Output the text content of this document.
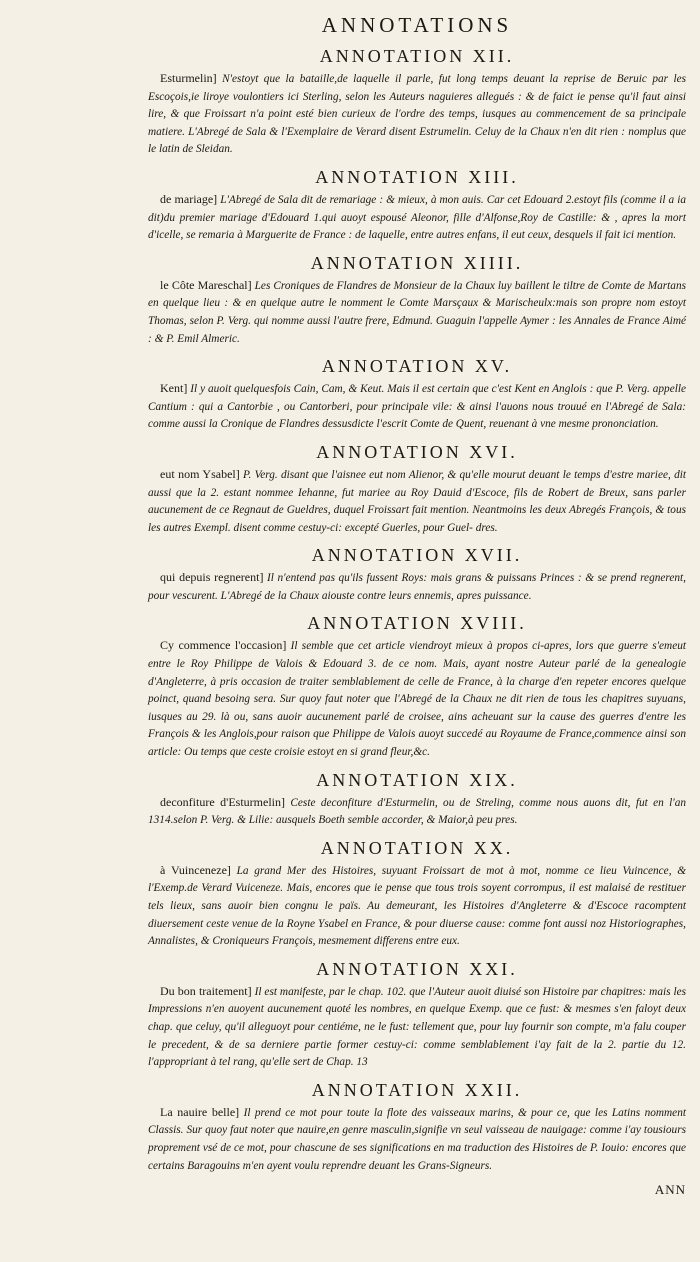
ANNOTATIONS
ANNOTATION XII.

Esturmelin] N'estoyt que la bataille,de laquelle il parle, fut long temps deuant la reprise de Beruic par les Escoçois,ie liroye voulontiers ici Sterling, selon les Auteurs naguieres allegués : & de faict ie pense qu'il faut ainsi lire, & que Froissart n'a point esté bien curieux de l'ordre des temps, iusques au commencement de sa principale matiere. L'Abregé de Sala & l'Exemplaire de Verard disent Estrumelin. Celuy de la Chaux n'en dit rien : nomplus que le latin de Sleidan.

ANNOTATION XIII.

de mariage] L'Abregé de Sala dit de remariage : & mieux, à mon auis. Car cet Edouard 2.estoyt fils (comme il a ia dit)du premier mariage d'Edouard 1.qui auoyt espousé Aleonor, fille d'Alfonse,Roy de Castille: & , apres la mort d'icelle, se remaria à Marguerite de France : de laquelle, entre autres enfans, il eut ceux, desquels il fait ici mention.

ANNOTATION XIIII.

le Côte Mareschal] Les Croniques de Flandres de Monsieur de la Chaux luy baillent le tiltre de Comte de Martans en quelque lieu : & en quelque autre le nomment le Comte Marsçaux & Marischeulx:mais son propre nom estoyt Thomas, selon P. Verg. qui nomme aussi l'autre frere, Edmund. Guaguin l'appelle Aymer : les Annales de France Aimé : & P. Emil Almeric.

ANNOTATION XV.

Kent] Il y auoit quelquesfois Cain, Cam, & Keut. Mais il est certain que c'est Kent en Anglois : que P. Verg. appelle Cantium : qui a Cantorbie , ou Cantorberi, pour principale vile: & ainsi l'auons nous trouué en l'Abregé de Sala: comme aussi la Cronique de Flandres dessusdicte l'escrit Comte de Quent, reuenant à vne mesme prononciation.

ANNOTATION XVI.

eut nom Ysabel] P. Verg. disant que l'aisnee eut nom Alienor, & qu'elle mourut deuant le temps d'estre mariee, dit aussi que la 2. estant nommee Iehanne, fut mariee au Roy Dauid d'Escoce, fils de Robert de Breux, sans parler aucunement de ce Regnaut de Gueldres, duquel Froissart fait mention. Neantmoins les deux Abregés François, & tous les autres Exempl. disent comme cestuy-ci: excepté Guerles, pour Guel- dres.

ANNOTATION XVII.

qui depuis regnerent] Il n'entend pas qu'ils fussent Roys: mais grans & puissans Princes : & se prend regnerent, pour vescurent. L'Abregé de la Chaux aiouste contre leurs ennemis, apres puissance.

ANNOTATION XVIII.

Cy commence l'occasion] Il semble que cet article viendroyt mieux à propos ci-apres, lors que guerre s'emeut entre le Roy Philippe de Valois & Edouard 3. de ce nom. Mais, ayant nostre Auteur parlé de la genealogie d'Angleterre, à pris occasion de traiter semblablement de celle de France, à la charge d'en repeter encores quelque poinct, quand besoing sera. Sur quoy faut noter que l'Abregé de la Chaux ne dit rien de tous les chapitres suyuans, iusques au 29. là ou, sans auoir aucunement parlé de croisee, ains acheuant sur la cause des guerres d'entre les François & les Anglois,pour raison que Philippe de Valois auoyt succedé au Royaume de France,commence ainsi son article: Ou temps que ceste croisie estoyt en si grand fleur,&c.

ANNOTATION XIX.

deconfiture d'Esturmelin] Ceste deconfiture d'Esturmelin, ou de Streling, comme nous auons dit, fut en l'an 1314.selon P. Verg. & Lilie: ausquels Boeth semble accorder, & Maior,à peu pres.

ANNOTATION XX.

à Vuinceneze] La grand Mer des Histoires, suyuant Froissart de mot à mot, nomme ce lieu Vuincence, & l'Exemp.de Verard Vuiceneze. Mais, encores que ie pense que tous trois soyent corrompus, il est malaisé de restituer tels lieux, sans auoir bien congnu le païs. Au demeurant, les Histoires d'Angleterre & d'Escoce racomptent diuersement ceste venue de la Royne Ysabel en France, & pour diuerse cause: comme font aussi noz Historiographes, Annalistes, & Croniqueurs François, mesmement differens entre eux.

ANNOTATION XXI.

Du bon traitement] Il est manifeste, par le chap. 102. que l'Auteur auoit diuisé son Histoire par chapitres: mais les Impressions n'en auoyent aucunement quoté les nombres, en quelque Exemp. que ce fust: & mesmes s'en faloyt deux chap. que celuy, qu'il alleguoyt pour centiéme, ne le fust: tellement que, pour luy fournir son compte, m'a falu couper le precedent, & de sa derniere partie former cestuy-ci: comme semblablement i'ay fait de la 2. partie du 12. l'appropriant à tel rang, qu'elle sert de Chap. 13

ANNOTATION XXII.

La nauire belle] Il prend ce mot pour toute la flote des vaisseaux marins, & pour ce, que les Latins nomment Classis. Sur quoy faut noter que nauire,en genre masculin,signifie vn seul vaisseau de nauigage: comme i'ay tousiours proprement vsé de ce mot, pour chascune de ses significations en ma traduction des Histoires de P. Iouio: encores que certains Baragouins m'en ayent voulu reprendre deuant les Grans-Signeurs.

ANN
